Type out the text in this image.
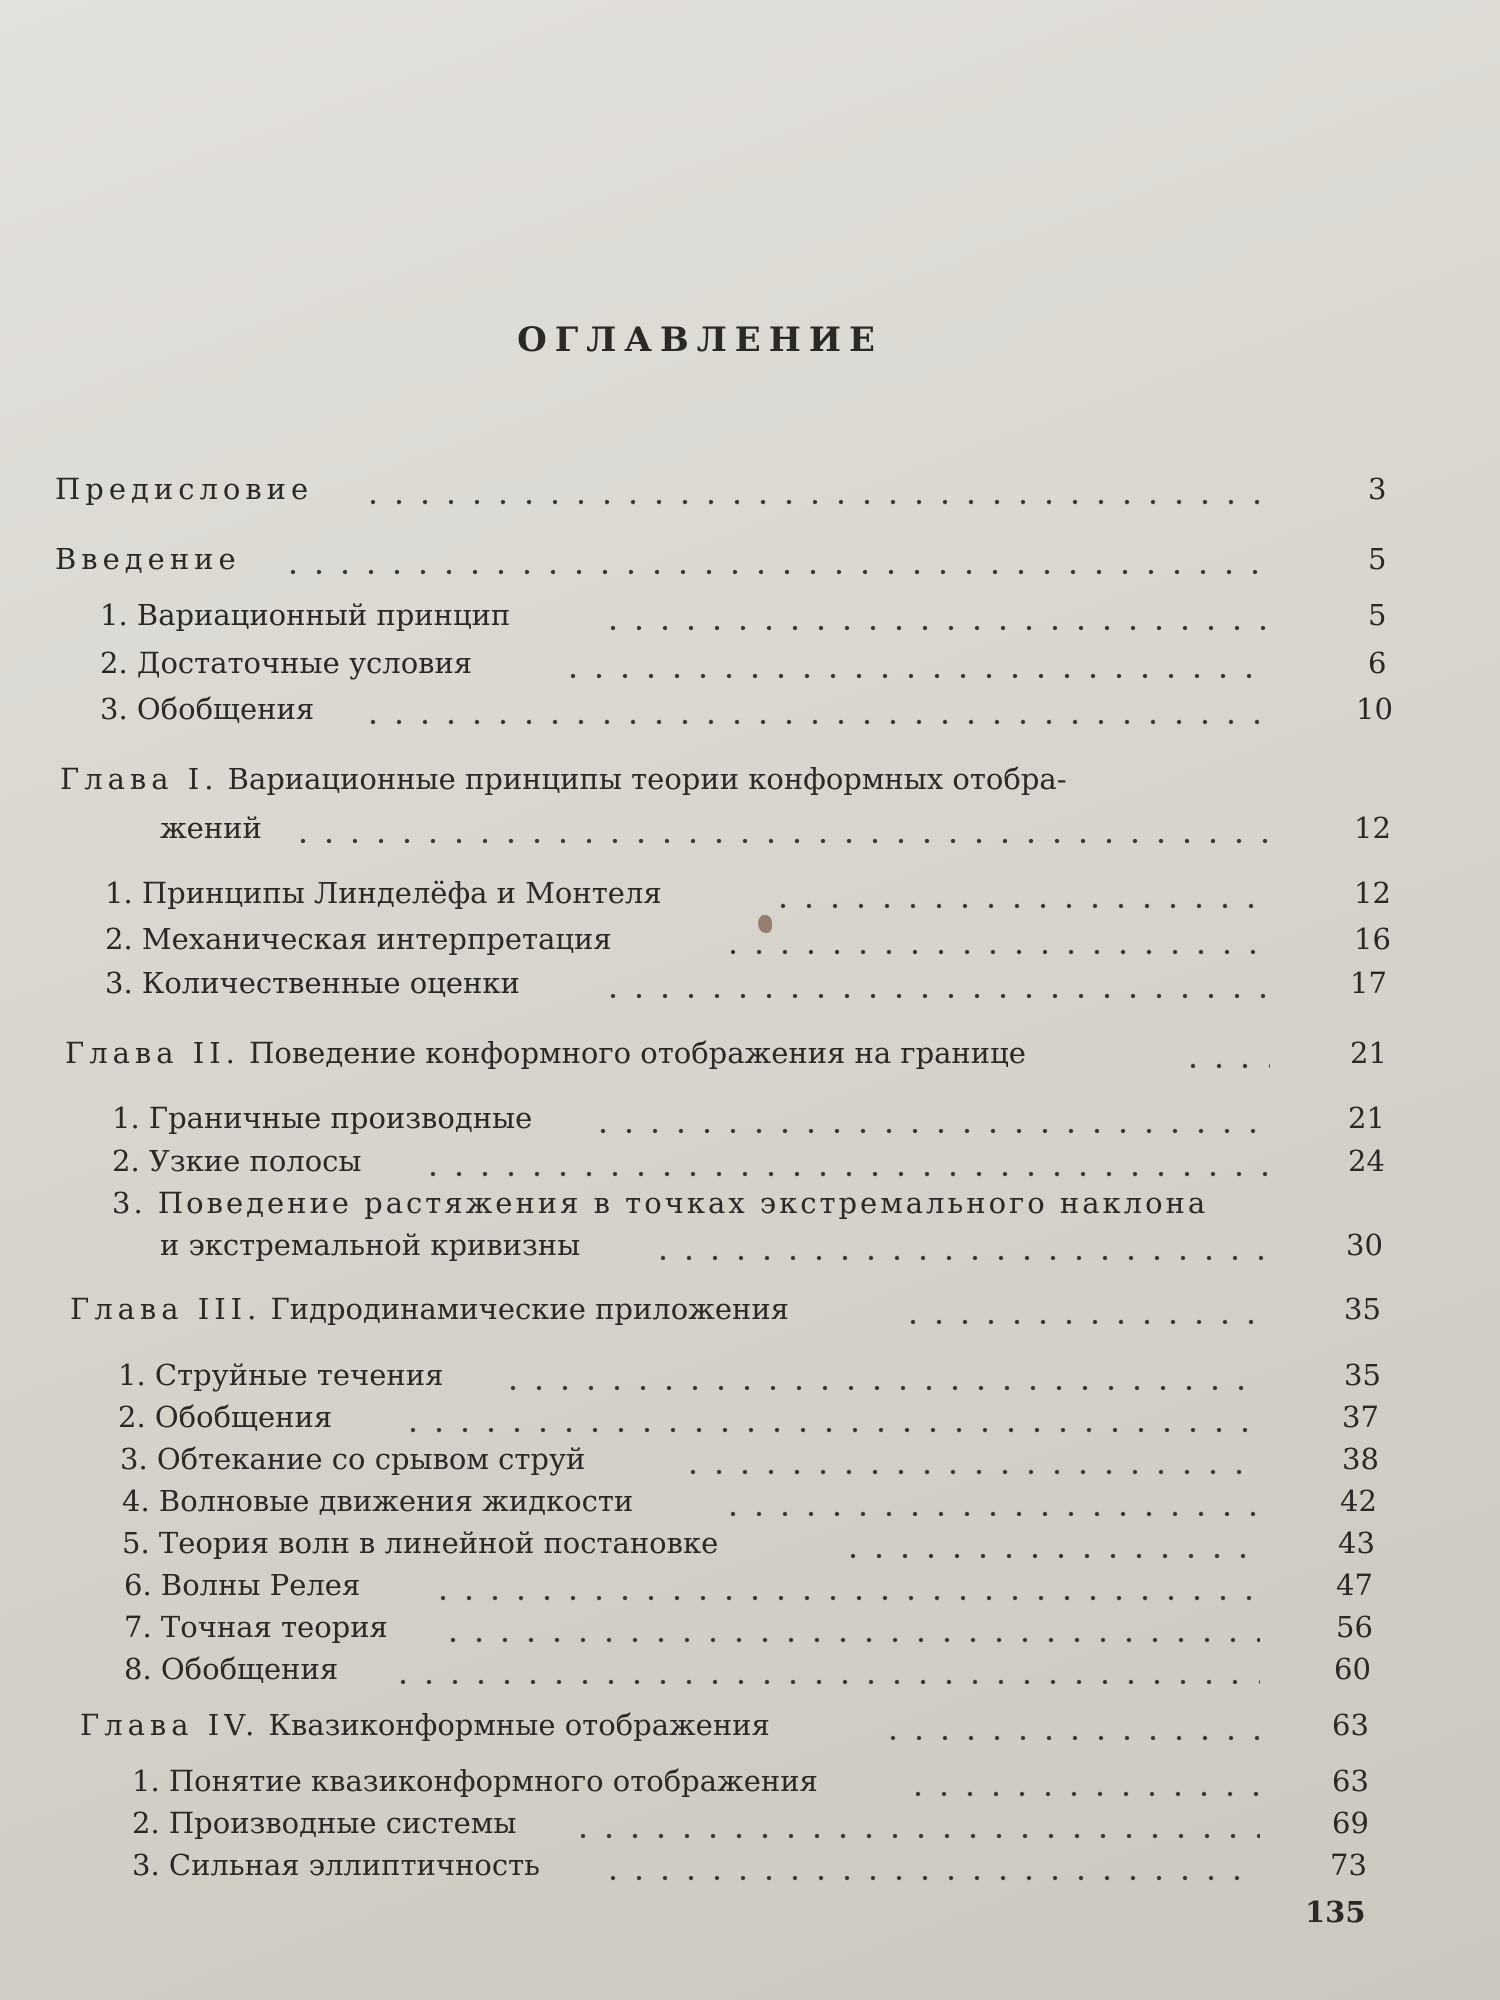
ОГЛАВЛЕНИЕ
Предисловие	3
Введение	5
1. Вариационный принцип	5
2. Достаточные условия	6
3. Обобщения	10
Глава I. Вариационные принципы теории конформных отобра-
жений	12
1. Принципы Линделёфа и Монтеля	12
2. Механическая интерпретация	16
3. Количественные оценки	17
Глава II. Поведение конформного отображения на границе	21
1. Граничные производные	21
2. Узкие полосы	24
3. Поведение растяжения в точках экстремального наклона
и экстремальной кривизны	30
Глава III. Гидродинамические приложения	35
1. Струйные течения	35
2. Обобщения	37
3. Обтекание со срывом струй	38
4. Волновые движения жидкости	42
5. Теория волн в линейной постановке	43
6. Волны Релея	47
7. Точная теория	56
8. Обобщения	60
Глава IV. Квазиконформные отображения	63
1. Понятие квазиконформного отображения	63
2. Производные системы	69
3. Сильная эллиптичность	73
135
